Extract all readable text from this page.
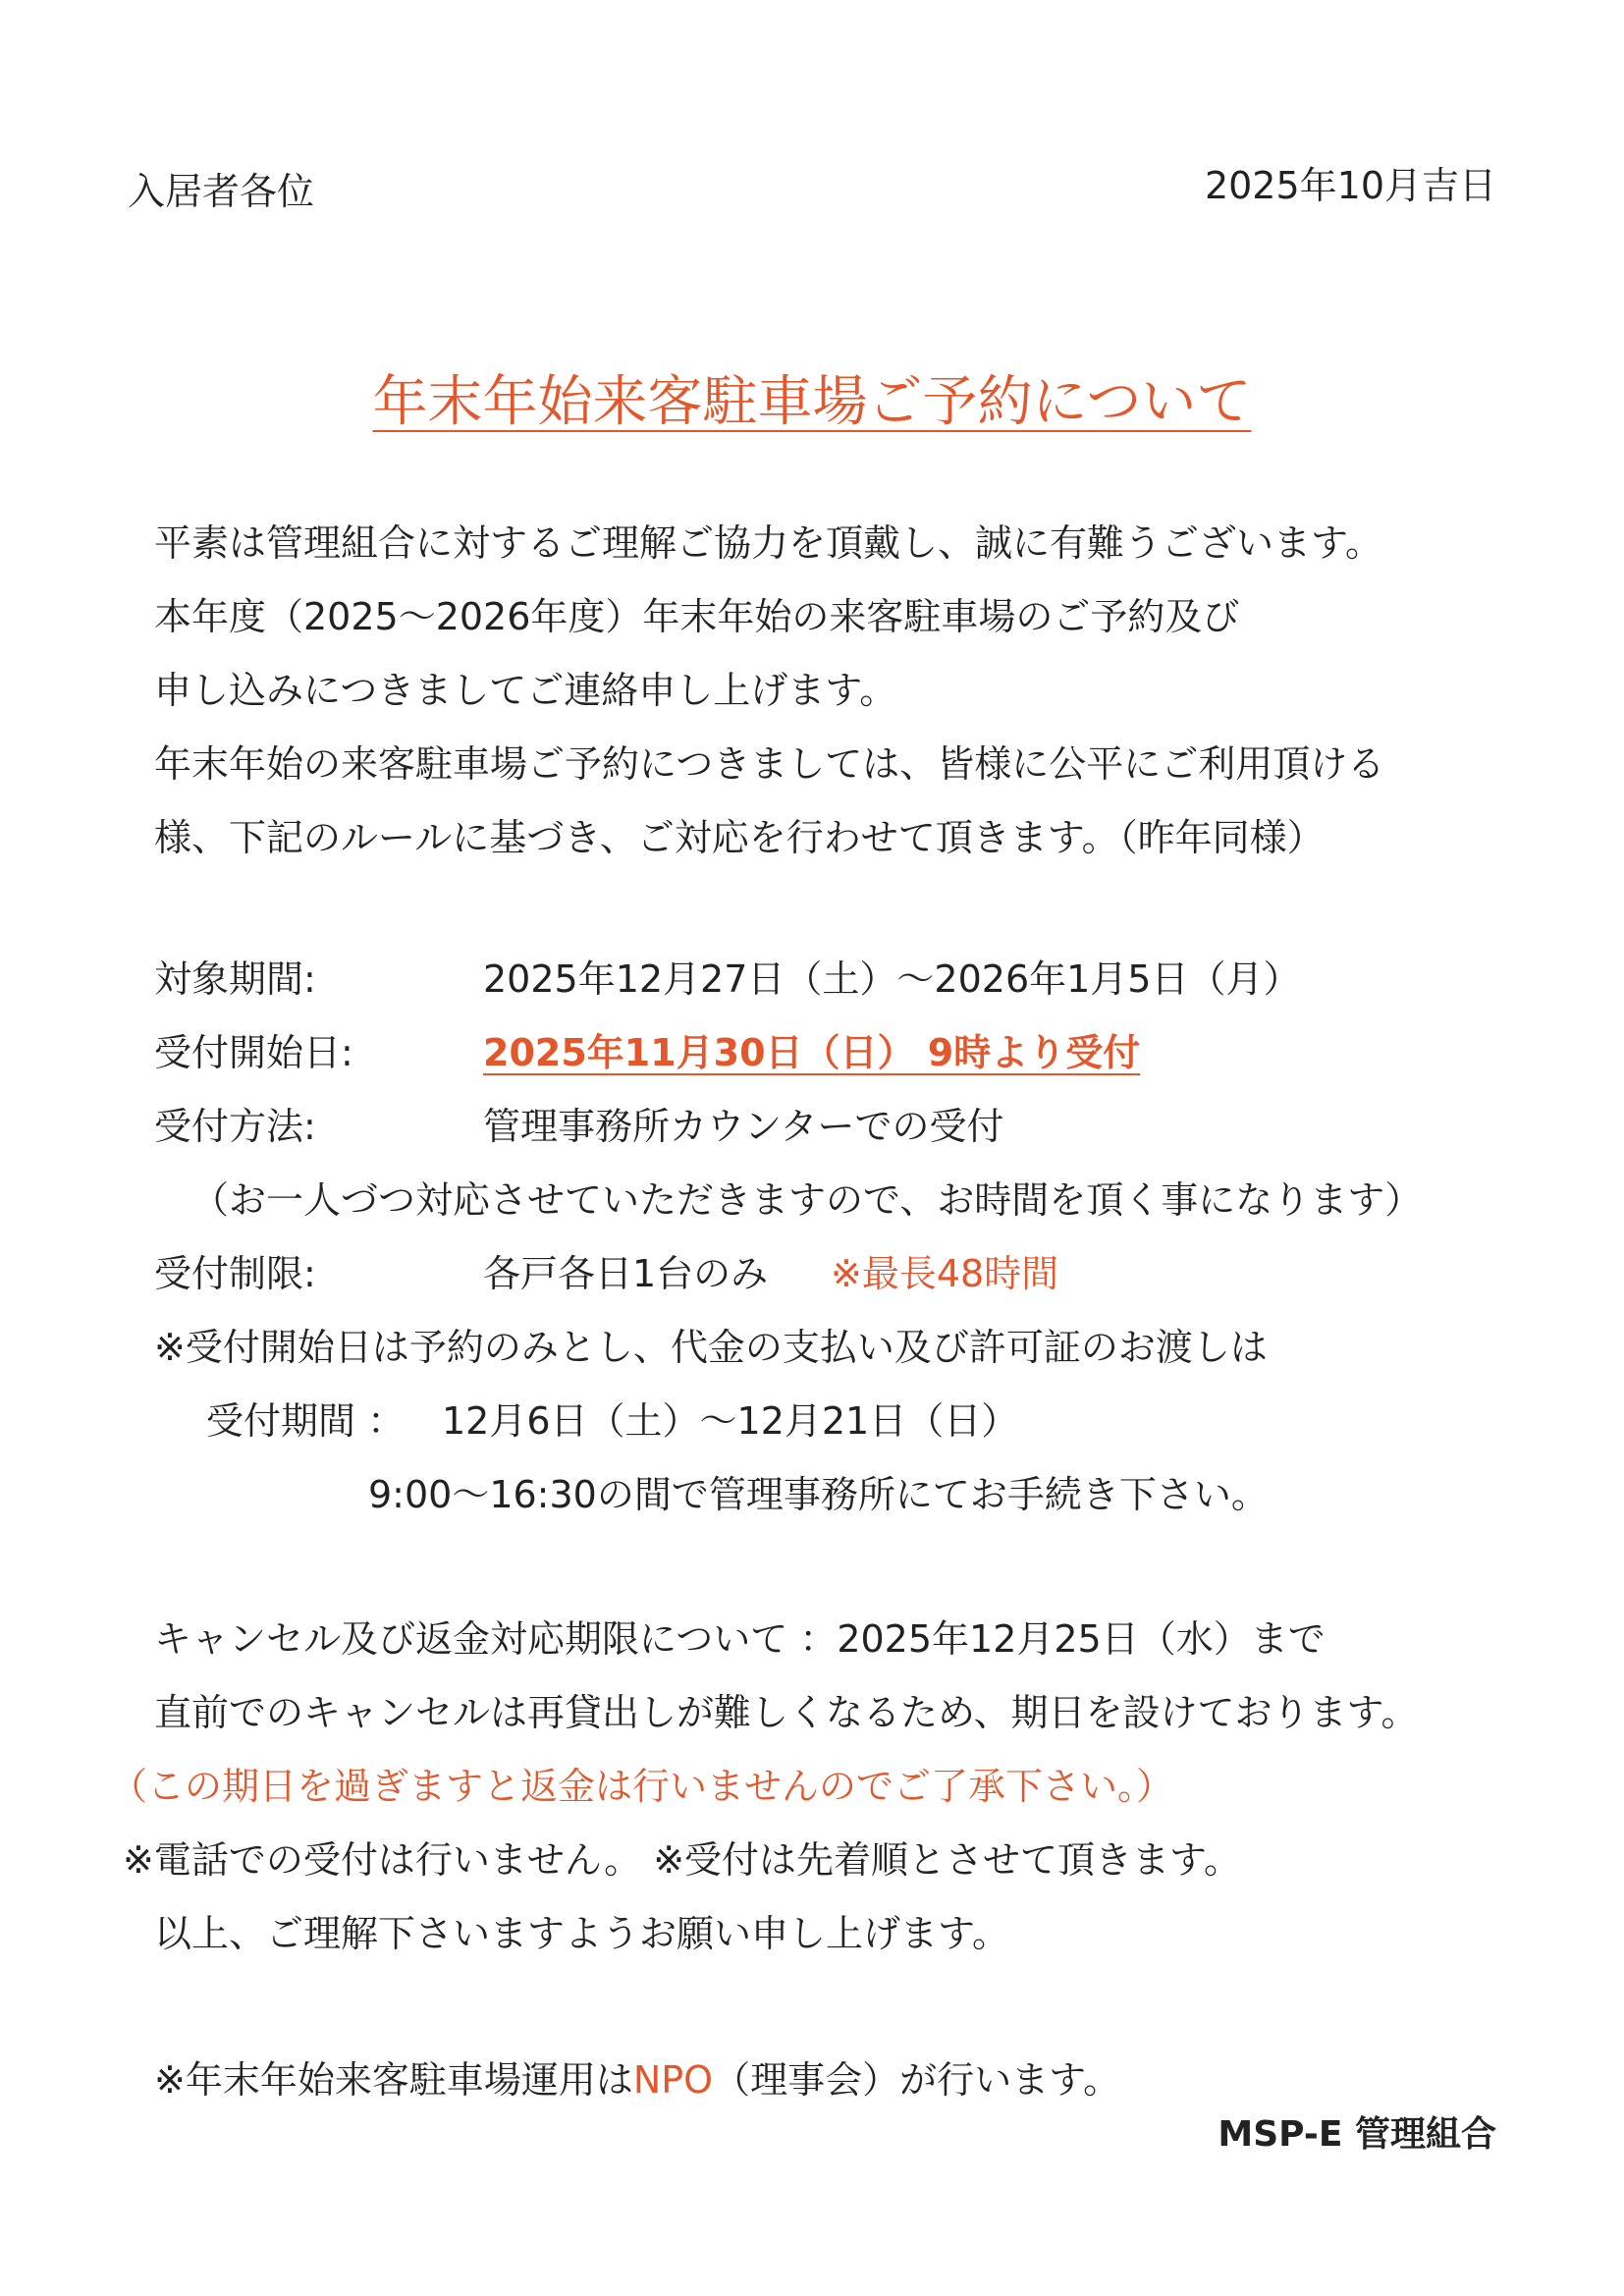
入居者各位	2025年10月吉日
年末年始来客駐車場ご予約について
平素は管理組合に対するご理解ご協力を頂戴し、誠に有難うございます。
本年度（2025～2026年度）年末年始の来客駐車場のご予約及び
申し込みにつきましてご連絡申し上げます。
年末年始の来客駐車場ご予約につきましては、皆様に公平にご利用頂ける
様、下記のルールに基づき、ご対応を行わせて頂きます。（昨年同様）
対象期間:	2025年12月27日（土）～2026年1月5日（月）
受付開始日:	2025年11月30日（日） 9時より受付
受付方法:	管理事務所カウンターでの受付
（お一人づつ対応させていただきますので、お時間を頂く事になります）
受付制限:	各戸各日1台のみ ※最長48時間
※受付開始日は予約のみとし、代金の支払い及び許可証のお渡しは
受付期間 ： 12月6日（土）～12月21日（日）
9:00～16:30の間で管理事務所にてお手続き下さい。
キャンセル及び返金対応期限について ：2025年12月25日（水）まで
直前でのキャンセルは再貸出しが難しくなるため、期日を設けております。
（この期日を過ぎますと返金は行いませんのでご了承下さい。）
※電話での受付は行いません。 ※受付は先着順とさせて頂きます。
以上、ご理解下さいますようお願い申し上げます。
※年末年始来客駐車場運用はNPO（理事会）が行います。
MSP-E 管理組合
